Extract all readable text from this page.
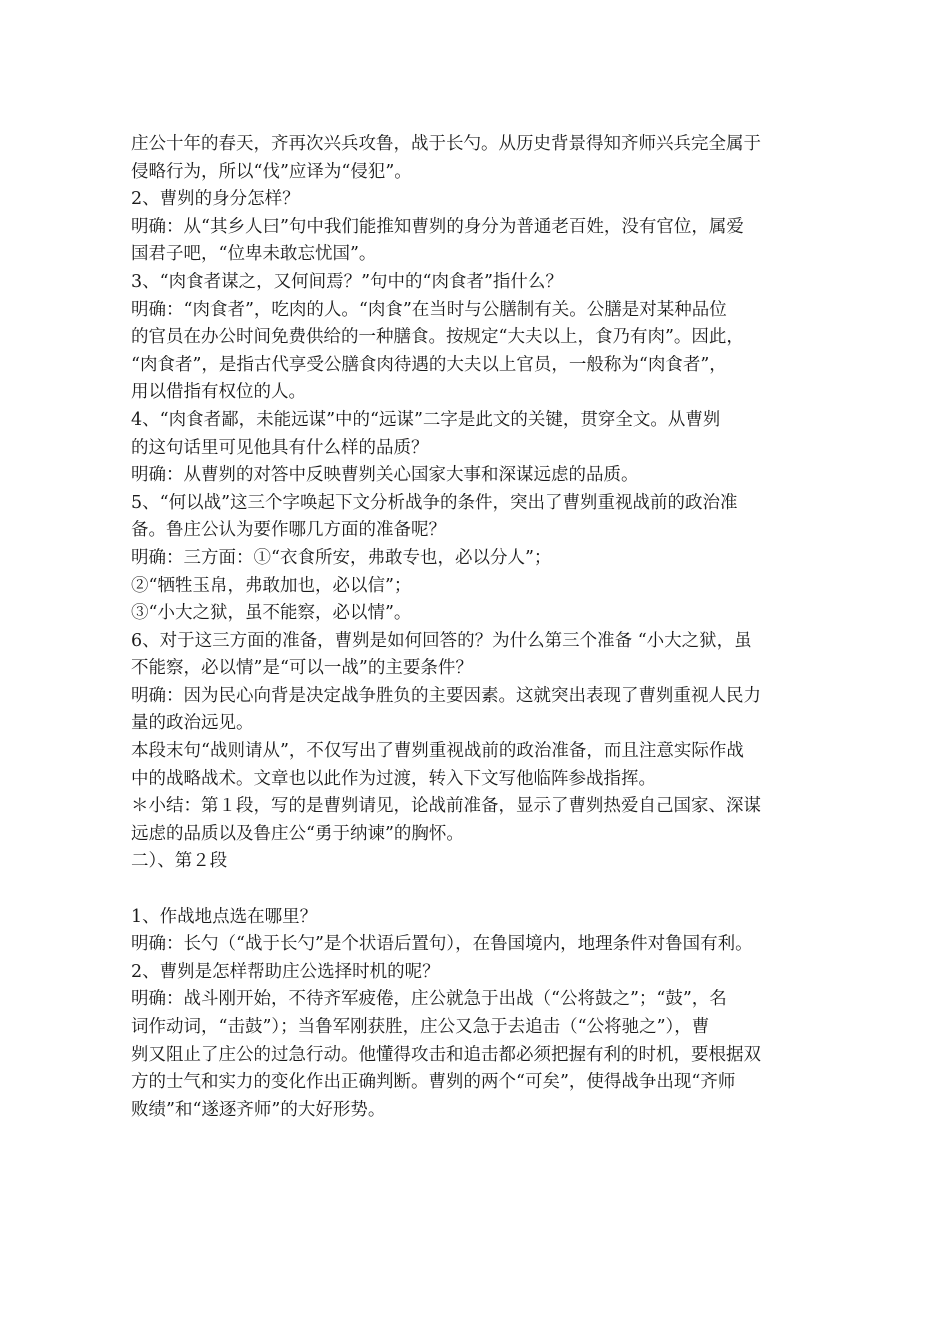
庄公十年的春天，齐再次兴兵攻鲁，战于长勺。从历史背景得知齐师兴兵完全属于
侵略行为，所以“伐”应译为“侵犯”。
2、曹刿的身分怎样？
明确：从“其乡人曰”句中我们能推知曹刿的身分为普通老百姓，没有官位，属爱
国君子吧，“位卑未敢忘忧国”。
3、“肉食者谋之，又何间焉？”句中的“肉食者”指什么？
明确：“肉食者”，吃肉的人。“肉食”在当时与公膳制有关。公膳是对某种品位
的官员在办公时间免费供给的一种膳食。按规定“大夫以上，食乃有肉”。因此，
“肉食者”，是指古代享受公膳食肉待遇的大夫以上官员，一般称为“肉食者”，
用以借指有权位的人。
4、“肉食者鄙，未能远谋”中的“远谋”二字是此文的关键，贯穿全文。从曹刿
的这句话里可见他具有什么样的品质？
明确：从曹刿的对答中反映曹刿关心国家大事和深谋远虑的品质。
5、“何以战”这三个字唤起下文分析战争的条件，突出了曹刿重视战前的政治准
备。鲁庄公认为要作哪几方面的准备呢？
明确：三方面：①“衣食所安，弗敢专也，必以分人”；
②“牺牲玉帛，弗敢加也，必以信”；
③“小大之狱，虽不能察，必以情”。
6、对于这三方面的准备，曹刿是如何回答的？为什么第三个准备 “小大之狱，虽
不能察，必以情”是“可以一战”的主要条件？
明确：因为民心向背是决定战争胜负的主要因素。这就突出表现了曹刿重视人民力
量的政治远见。
本段末句“战则请从”，不仅写出了曹刿重视战前的政治准备，而且注意实际作战
中的战略战术。文章也以此作为过渡，转入下文写他临阵参战指挥。
＊小结：第１段，写的是曹刿请见，论战前准备，显示了曹刿热爱自己国家、深谋
远虑的品质以及鲁庄公“勇于纳谏”的胸怀。
二）、第２段
1、作战地点选在哪里？
明确：长勺（“战于长勺”是个状语后置句），在鲁国境内，地理条件对鲁国有利。
2、曹刿是怎样帮助庄公选择时机的呢？
明确：战斗刚开始，不待齐军疲倦，庄公就急于出战（“公将鼓之”；“鼓”，名
词作动词，“击鼓”）；当鲁军刚获胜，庄公又急于去追击（“公将驰之”），曹
刿又阻止了庄公的过急行动。他懂得攻击和追击都必须把握有利的时机，要根据双
方的士气和实力的变化作出正确判断。曹刿的两个“可矣”，使得战争出现“齐师
败绩”和“遂逐齐师”的大好形势。
